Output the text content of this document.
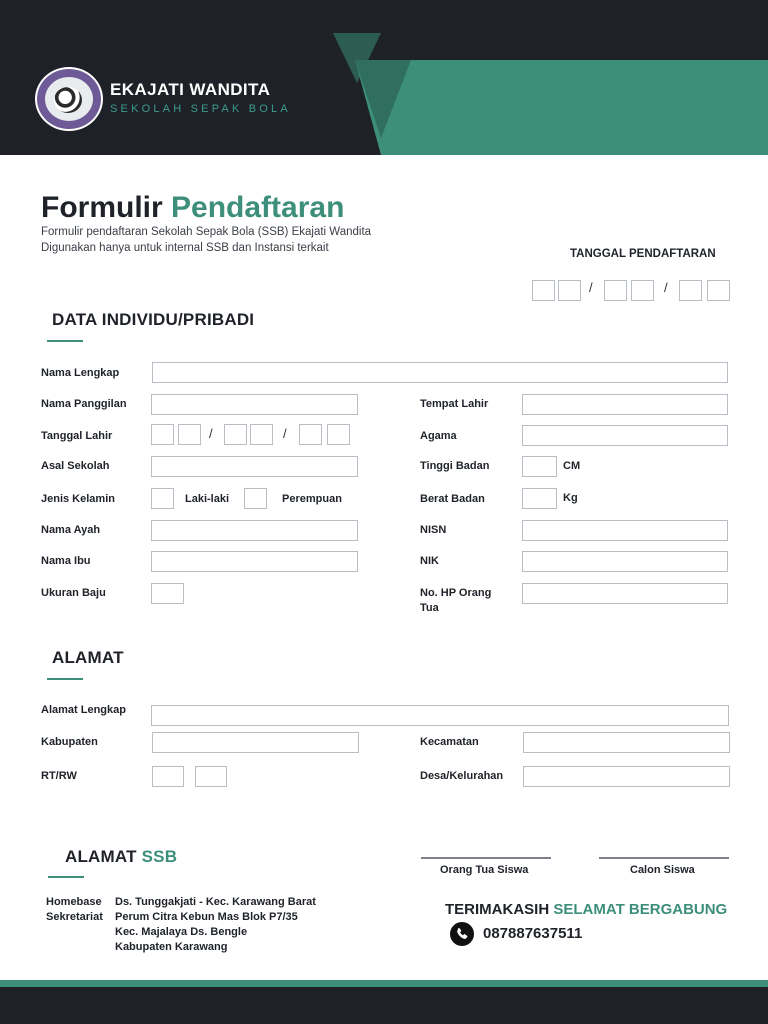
EKAJATI WANDITA
SEKOLAH SEPAK BOLA
Formulir Pendaftaran
Formulir pendaftaran Sekolah Sepak Bola (SSB) Ekajati Wandita
Digunakan hanya untuk internal SSB dan Instansi terkait
TANGGAL PENDAFTARAN
/	/
DATA INDIVIDU/PRIBADI
Nama Lengkap
Nama Panggilan	Tempat Lahir
Tanggal Lahir	/	/	Agama
Asal Sekolah	Tinggi Badan	CM
Jenis Kelamin	Laki-laki	Perempuan	Berat Badan	Kg
Nama Ayah	NISN
Nama Ibu	NIK
Ukuran Baju	No. HP Orang
Tua
ALAMAT
Alamat Lengkap
Kabupaten	Kecamatan
RT/RW	Desa/Kelurahan
ALAMAT SSB
Homebase Ds. Tunggakjati - Kec. Karawang Barat
Sekretariat Perum Citra Kebun Mas Blok P7/35
Kec. Majalaya Ds. Bengle
Kabupaten Karawang
Orang Tua Siswa	Calon Siswa
TERIMAKASIH SELAMAT BERGABUNG
087887637511
